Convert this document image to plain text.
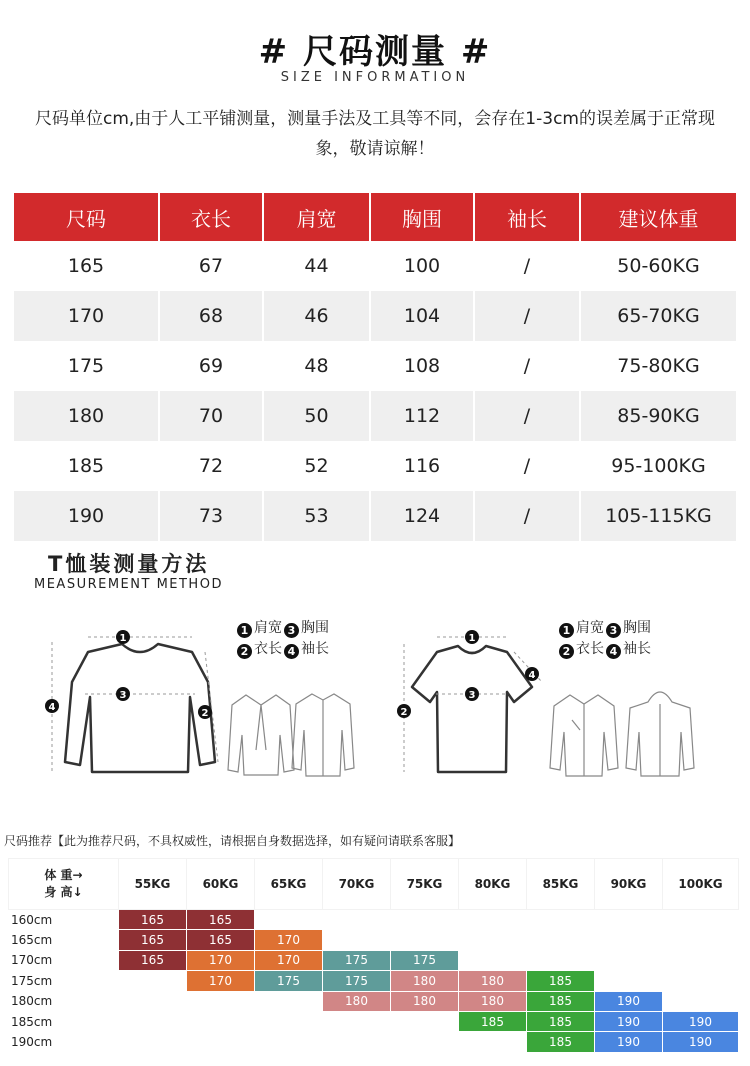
# 尺码测量 #
SIZE INFORMATION
尺码单位cm,由于人工平铺测量，测量手法及工具等不同，会存在1-3cm的误差属于正常现象，敬请谅解！
尺码	衣长	肩宽	胸围	袖长	建议体重
165	67	44	100	/	50-60KG
170	68	46	104	/	65-70KG
175	69	48	108	/	75-80KG
180	70	50	112	/	85-90KG
185	72	52	116	/	95-100KG
190	73	53	124	/	105-115KG
T恤装测量方法
MEASUREMENT METHOD
1
2
3
4
1 肩宽 3 胸围
2 衣长 4 袖长
1
2
3
4
1 肩宽 3 胸围
2 衣长 4 袖长
尺码推荐【此为推荐尺码，不具权威性，请根据自身数据选择，如有疑问请联系客服】
体 重→
身 高↓	55KG	60KG	65KG	70KG	75KG	80KG	85KG	90KG	100KG
160cm	165	165							
165cm	165	165	170						
170cm	165	170	170	175	175				
175cm		170	175	175	180	180	185		
180cm				180	180	180	185	190	
185cm						185	185	190	190
190cm							185	190	190
